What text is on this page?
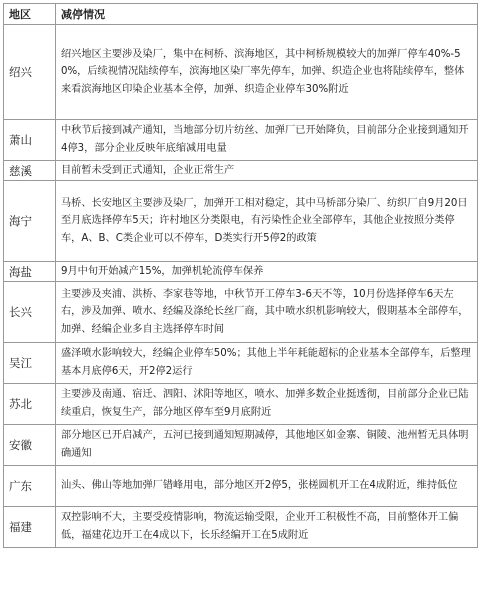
地区	减停情况
绍兴	绍兴地区主要涉及染厂，集中在柯桥、滨海地区，其中柯桥规模较大的加弹厂停车40%-50%，后续视情况陆续停车，滨海地区染厂率先停车，加弹、织造企业也将陆续停车，整体来看滨海地区印染企业基本全停，加弹、织造企业停车30%附近
萧山	中秋节后接到减产通知，当地部分切片纺丝、加弹厂已开始降负，目前部分企业接到通知开4停3，部分企业反映年底缩减用电量
慈溪	目前暂未受到正式通知，企业正常生产
海宁	马桥、长安地区主要涉及染厂，加弹开工相对稳定，其中马桥部分染厂、纺织厂自9月20日至月底选择停车5天；许村地区分类限电，有污染性企业全部停车，其他企业按照分类停车，A、B、C类企业可以不停车，D类实行开5停2的政策
海盐	9月中旬开始减产15%，加弹机轮流停车保养
长兴	主要涉及夹浦、洪桥、李家巷等地，中秋节开工停车3-6天不等，10月份选择停车6天左右，涉及加弹、喷水、经编及涤纶长丝厂商，其中喷水织机影响较大，假期基本全部停车，加弹、经编企业多自主选择停车时间
吴江	盛泽喷水影响较大，经编企业停车50%；其他上半年耗能超标的企业基本全部停车，后整理基本月底停6天，开2停2运行
苏北	主要涉及南通、宿迁、泗阳、沭阳等地区，喷水、加弹多数企业挺透彻，目前部分企业已陆续重启，恢复生产，部分地区停车至9月底附近
安徽	部分地区已开启减产，五河已接到通知短期减停，其他地区如金寨、铜陵、池州暂无具体明确通知
广东	汕头、佛山等地加弹厂错峰用电，部分地区开2停5，张槎圆机开工在4成附近，维持低位
福建	双控影响不大，主要受疫情影响，物流运输受限，企业开工积极性不高，目前整体开工偏低，福建花边开工在4成以下，长乐经编开工在5成附近
